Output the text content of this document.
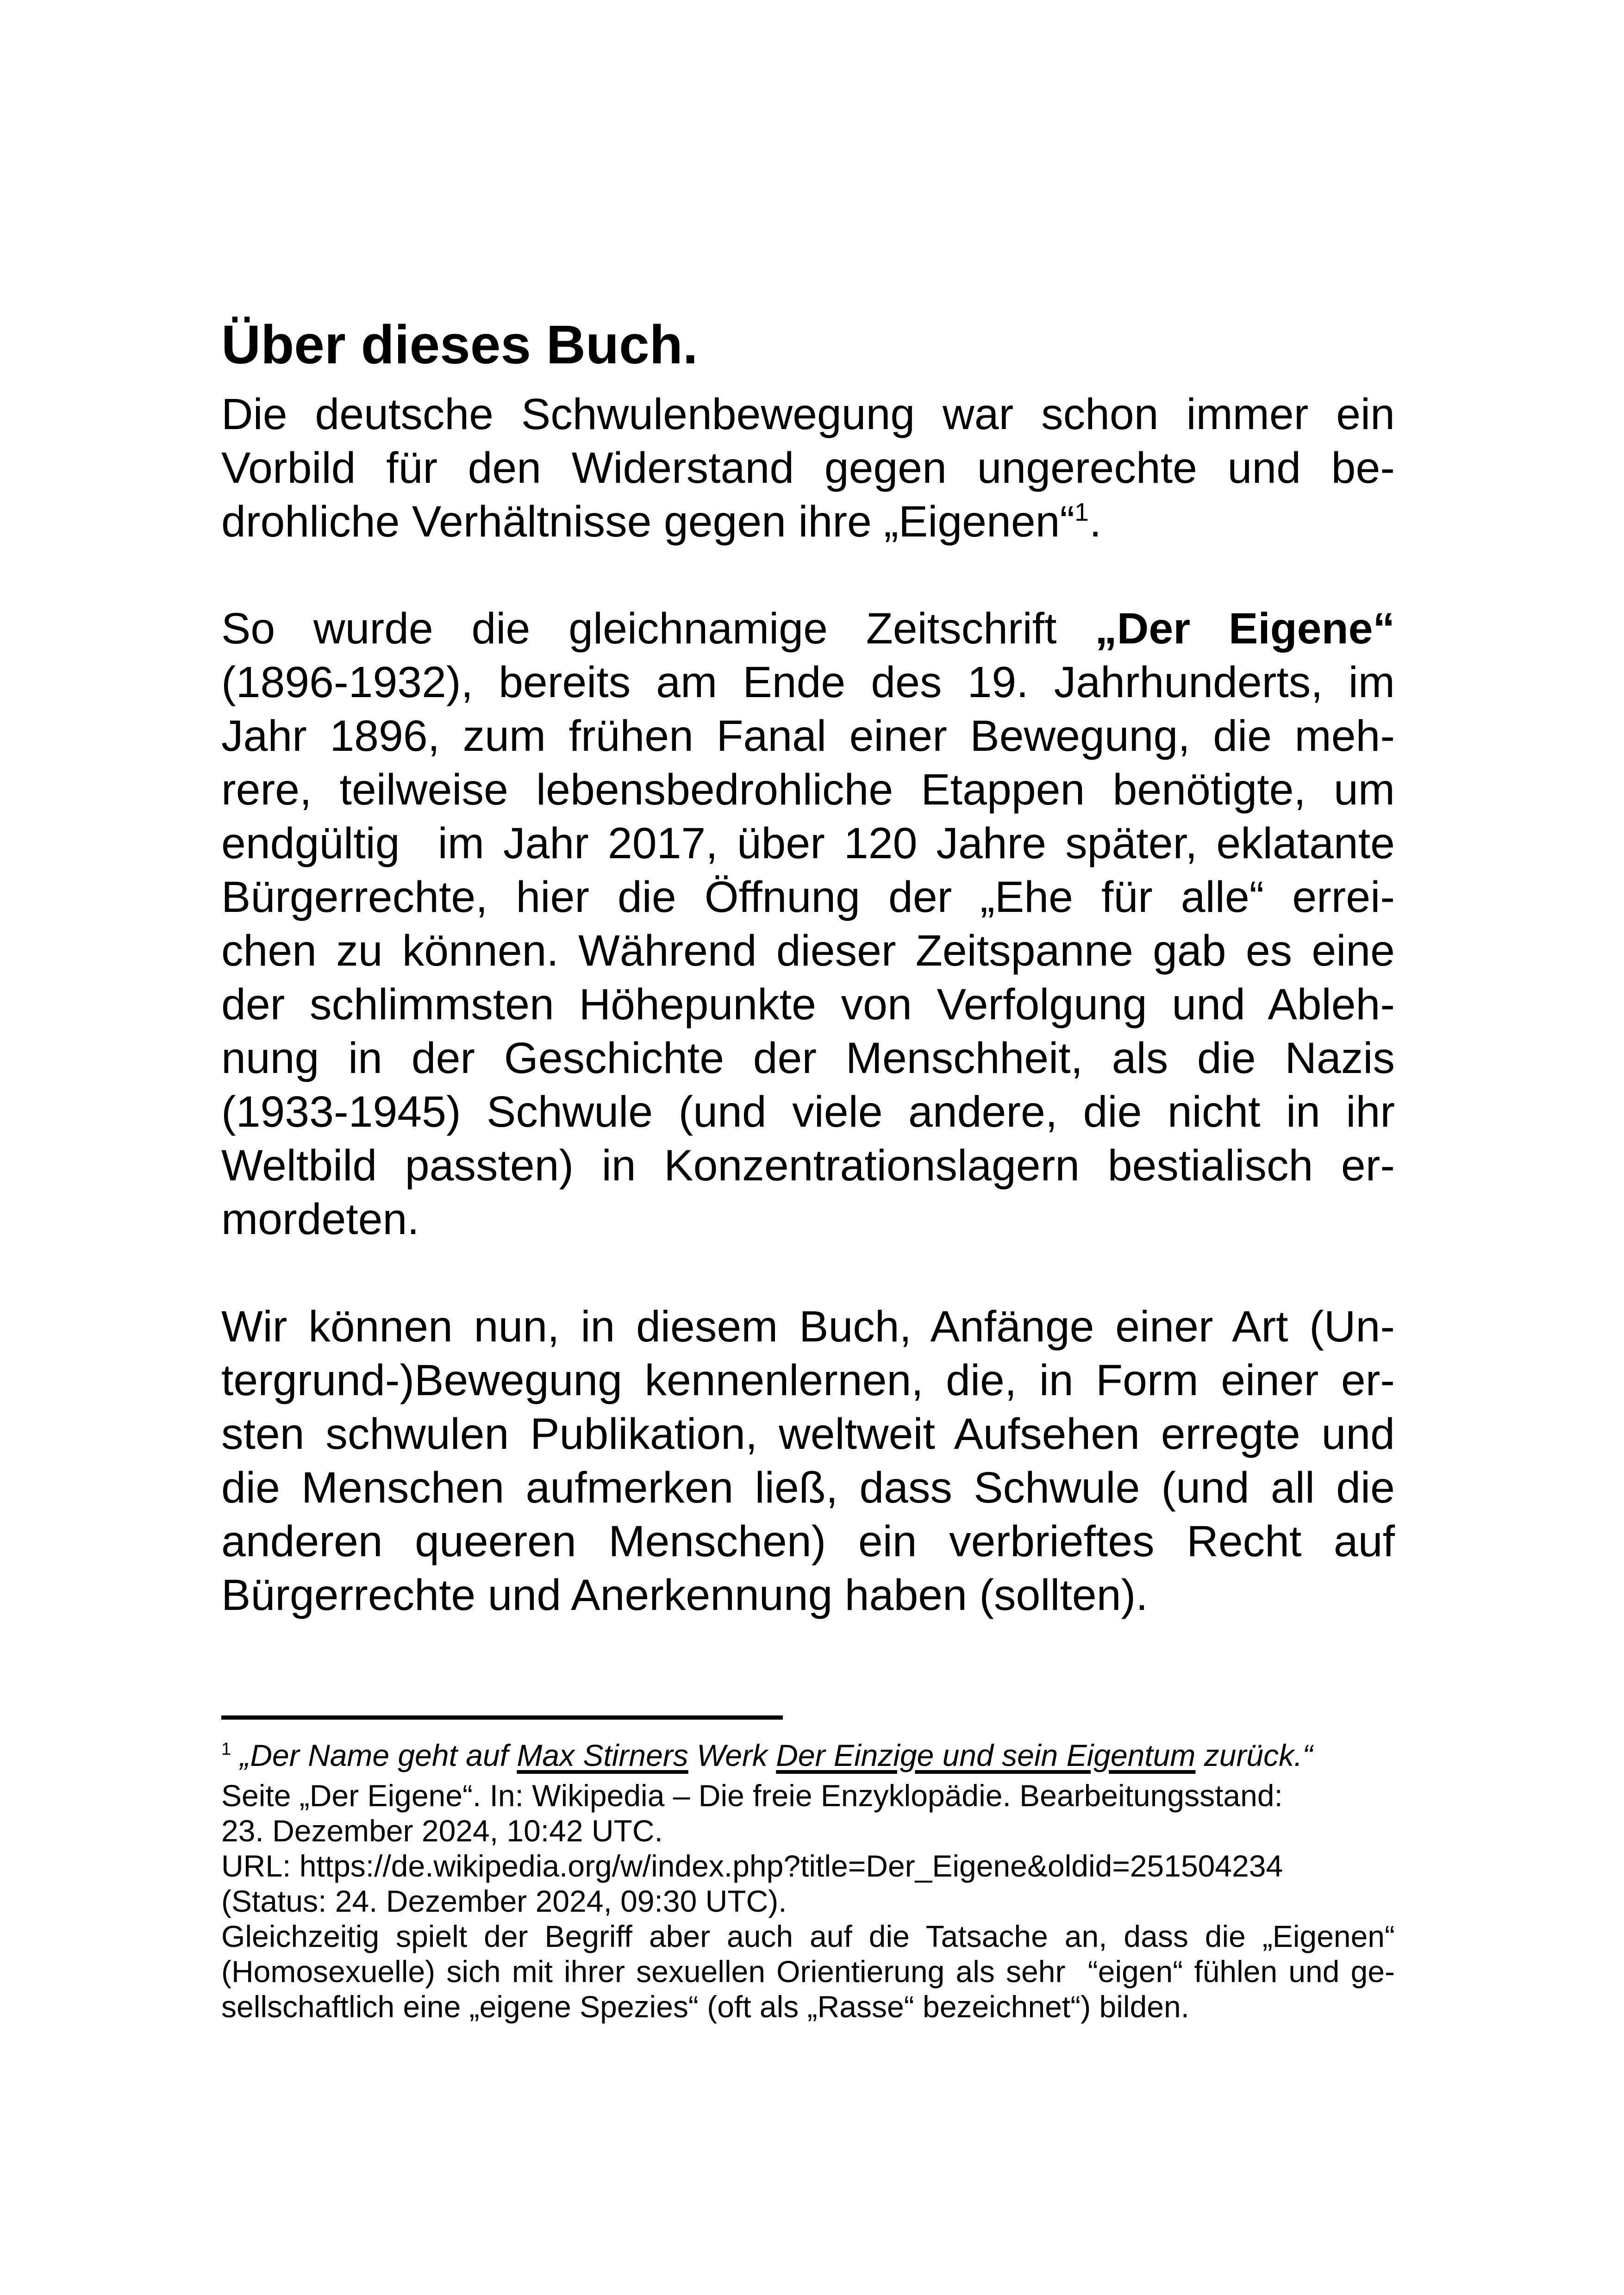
Über dieses Buch.
Die deutsche Schwulenbewegung war schon immer ein
Vorbild für den Widerstand gegen ungerechte und be-
drohliche Verhältnisse gegen ihre „Eigenen“$^1$.
So wurde die gleichnamige Zeitschrift „Der Eigene“
(1896-1932), bereits am Ende des 19. Jahrhunderts, im
Jahr 1896, zum frühen Fanal einer Bewegung, die meh-
rere, teilweise lebensbedrohliche Etappen benötigte, um
endgültig  im Jahr 2017, über 120 Jahre später, eklatante
Bürgerrechte, hier die Öffnung der „Ehe für alle“ errei-
chen zu können. Während dieser Zeitspanne gab es eine
der schlimmsten Höhepunkte von Verfolgung und Ableh-
nung in der Geschichte der Menschheit, als die Nazis
(1933-1945) Schwule (und viele andere, die nicht in ihr
Weltbild passten) in Konzentrationslagern bestialisch er-
mordeten.
Wir können nun, in diesem Buch, Anfänge einer Art (Un-
tergrund-)Bewegung kennenlernen, die, in Form einer er-
sten schwulen Publikation, weltweit Aufsehen erregte und
die Menschen aufmerken ließ, dass Schwule (und all die
anderen queeren Menschen) ein verbrieftes Recht auf
Bürgerrechte und Anerkennung haben (sollten).
$^1$ „Der Name geht auf Max Stirners Werk Der Einzige und sein Eigentum zurück.“
Seite „Der Eigene“. In: Wikipedia – Die freie Enzyklopädie. Bearbeitungsstand:
23. Dezember 2024, 10:42 UTC.
URL: https://de.wikipedia.org/w/index.php?title=Der_Eigene&oldid=251504234
(Status: 24. Dezember 2024, 09:30 UTC).
Gleichzeitig spielt der Begriff aber auch auf die Tatsache an, dass die „Eigenen“
(Homosexuelle) sich mit ihrer sexuellen Orientierung als sehr  “eigen“ fühlen und ge-
sellschaftlich eine „eigene Spezies“ (oft als „Rasse“ bezeichnet“) bilden.
